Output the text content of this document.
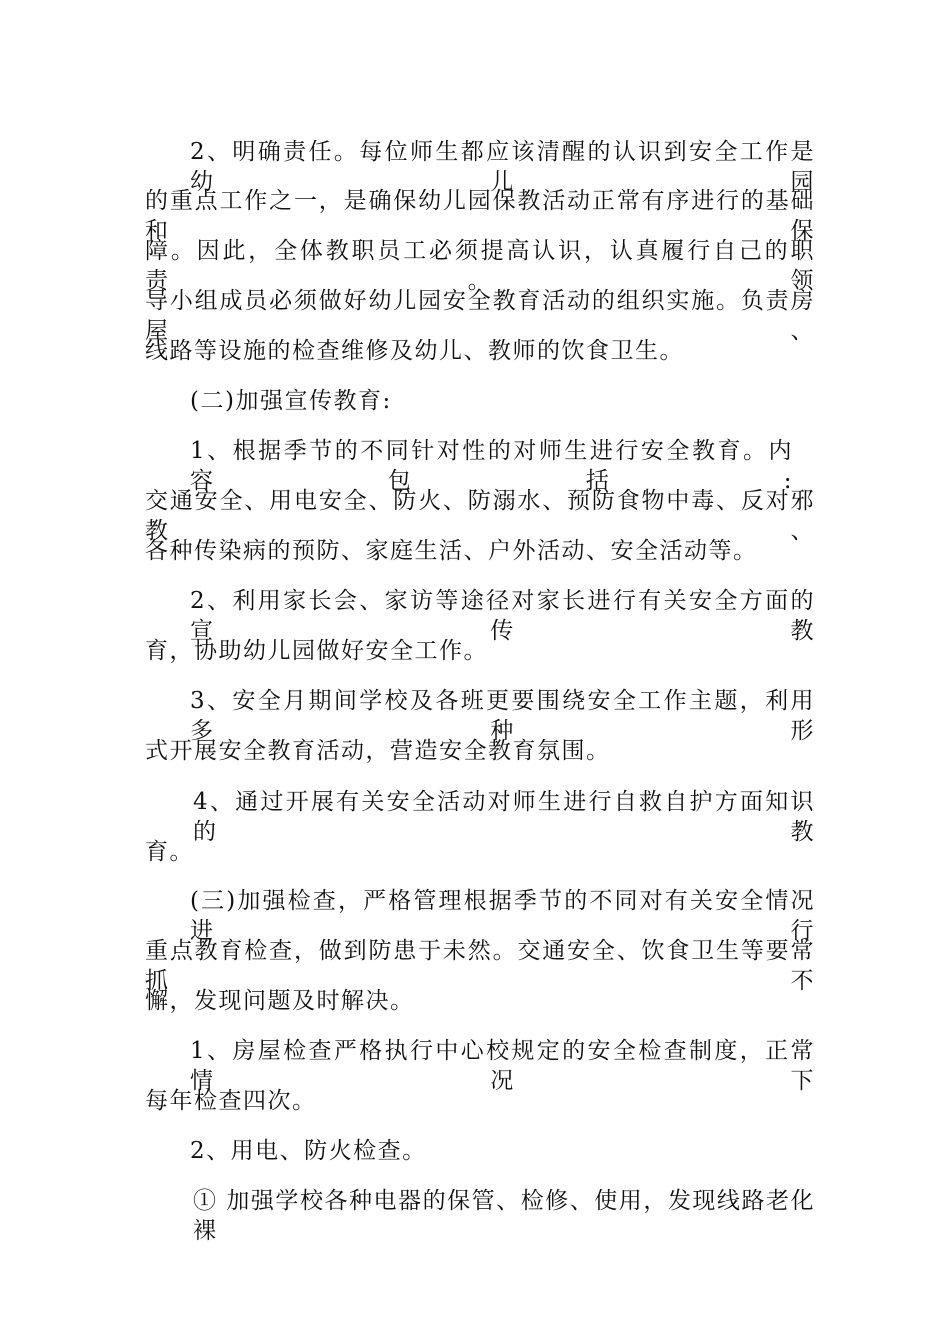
2、明确责任。每位师生都应该清醒的认识到安全工作是幼儿园
的重点工作之一，是确保幼儿园保教活动正常有序进行的基础和保
障。因此，全体教职员工必须提高认识，认真履行自己的职责。领
导小组成员必须做好幼儿园安全教育活动的组织实施。负责房屋、
线路等设施的检查维修及幼儿、教师的饮食卫生。
(二)加强宣传教育:
1、根据季节的不同针对性的对师生进行安全教育。内容包括:
交通安全、用电安全、防火、防溺水、预防食物中毒、反对邪教、
各种传染病的预防、家庭生活、户外活动、安全活动等。
2、利用家长会、家访等途径对家长进行有关安全方面的宣传教
育，协助幼儿园做好安全工作。
3、安全月期间学校及各班更要围绕安全工作主题，利用多种形
式开展安全教育活动，营造安全教育氛围。
4、通过开展有关安全活动对师生进行自救自护方面知识的教
育。
(三)加强检查，严格管理根据季节的不同对有关安全情况进行
重点教育检查，做到防患于未然。交通安全、饮食卫生等要常抓不
懈，发现问题及时解决。
1、房屋检查严格执行中心校规定的安全检查制度，正常情况下
每年检查四次。
2、用电、防火检查。
① 加强学校各种电器的保管、检修、使用，发现线路老化裸
